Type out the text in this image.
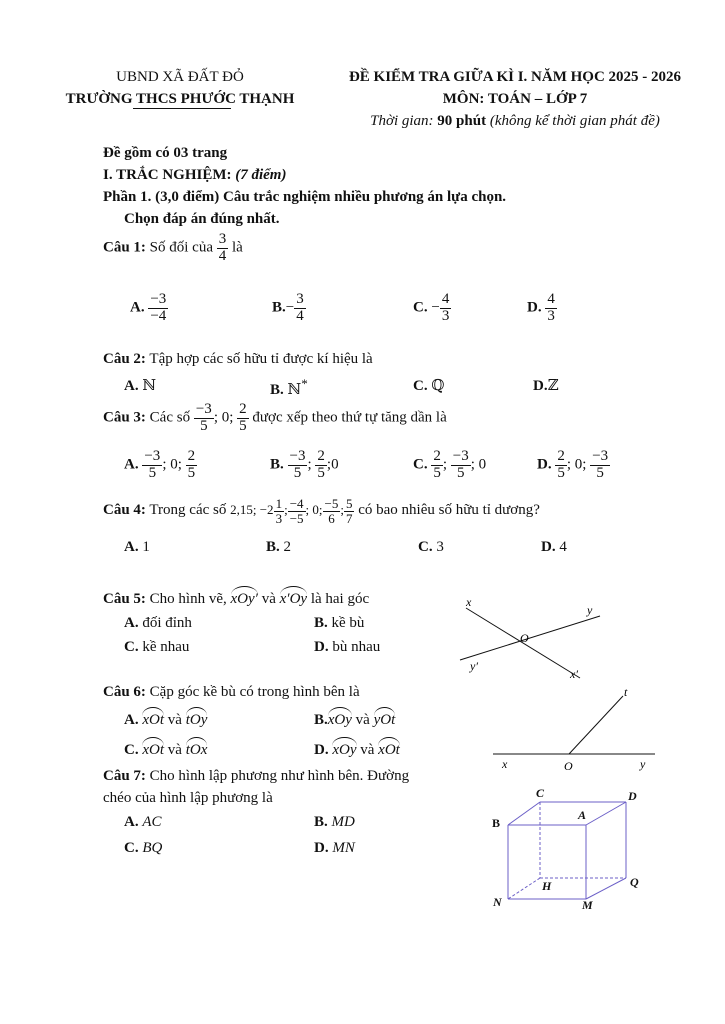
UBND XÃ ĐẤT ĐỎ
TRƯỜNG THCS PHƯỚC THẠNH
ĐỀ KIỂM TRA GIỮA KÌ I. NĂM HỌC 2025 - 2026
MÔN: TOÁN – LỚP 7
Thời gian: 90 phút (không kể thời gian phát đề)
Đề gồm có 03 trang
I. TRẮC NGHIỆM: (7 điểm)
Phần 1. (3,0 điểm) Câu trắc nghiệm nhiều phương án lựa chọn.
Chọn đáp án đúng nhất.
Câu 1: Số đối của $\frac{3}{4}$ là
A. $\frac{-3}{-4}$	$B.- \frac{3}{4}$	C. − $\frac{4}{3}$	D. $\frac{4}{3}$
Câu 2: Tập hợp các số hữu tỉ được kí hiệu là
A. ℕ	B. ℕ*	C. ℚ	D.ℤ
Câu 3: Các số $\frac{-3}{5}$ ; 0; $\frac{2}{5}$ được xếp theo thứ tự tăng dần là
A. $\frac{-3}{5}$ ; 0; $\frac{2}{5}$	B. $\frac{-3}{5}$ ; $\frac{2}{5}$ ;0	C. $\frac{2}{5}$ ; $\frac{-3}{5}$ ; 0	D. $\frac{2}{5}$ ; 0; $\frac{-3}{5}$
Câu 4: Trong các số 2,15; $-2 \frac{1}{3}$ ; $\frac{-4}{-5}$ ; 0; $\frac{-5}{6}$ ; $\frac{5}{7}$ có bao nhiêu số hữu tỉ dương?
A. 1	B. 2	C. 3	D. 4
Câu 5: Cho hình vẽ, xOy′ và x′Oy là hai góc
A. đối đỉnh	B. kề bù
C. kề nhau	D. bù nhau
x
y
O
y′
x′
Câu 6: Cặp góc kề bù có trong hình bên là
A. xOt và tOy	B.xOy và yOt
C. xOt và tOx	D. xOy và xOt
t
x	O	y
Câu 7: Cho hình lập phương như hình bên. Đường
chéo của hình lập phương là
A. AC	B. MD
C. BQ	D. MN
C	D
B
A
H	Q
N	M
